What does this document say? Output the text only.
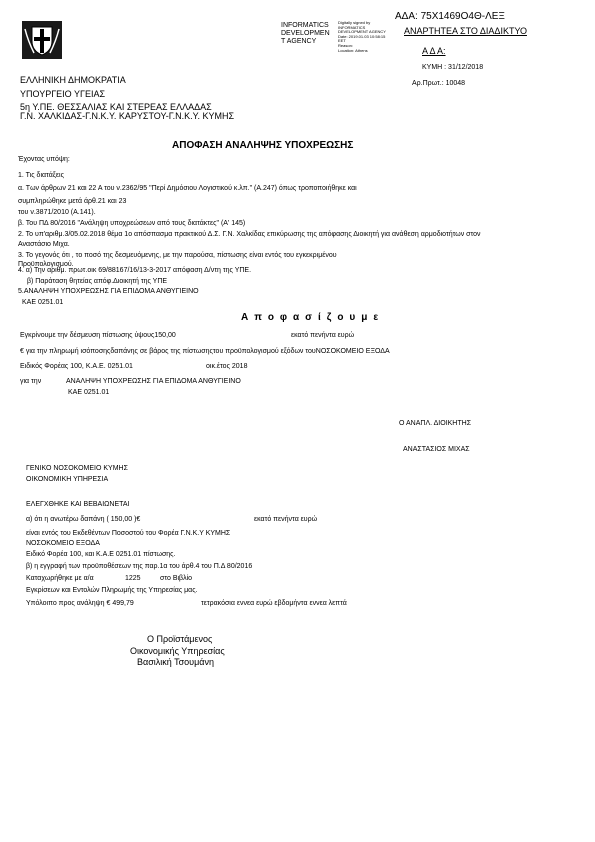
INFORMATICS
DEVELOPMEN
T AGENCY
Digitally signed by
INFORMATICS
DEVELOPMENT AGENCY
Date: 2019.01.03 10:58:15
EET
Reason:
Location: Athens
ΑΔΑ: 75Χ1469Ο4Θ-ΛΕΞ
ΑΝΑΡΤΗΤΕΑ ΣΤΟ ΔΙΑΔΙΚΤΥΟ
Α Δ Α:
ΚΥΜΗ : 31/12/2018
Αρ.Πρωτ.: 10048
ΕΛΛΗΝΙΚΗ ΔΗΜΟΚΡΑΤΙΑ
ΥΠΟΥΡΓΕΙΟ ΥΓΕΙΑΣ
5η Υ.ΠΕ. ΘΕΣΣΑΛΙΑΣ ΚΑΙ ΣΤΕΡΕΑΣ ΕΛΛΑΔΑΣ
Γ.Ν. ΧΑΛΚΙΔΑΣ-Γ.Ν.Κ.Υ. ΚΑΡΥΣΤΟΥ-Γ.Ν.Κ.Υ. ΚΥΜΗΣ
ΑΠΟΦΑΣΗ ΑΝΑΛΗΨΗΣ ΥΠΟΧΡΕΩΣΗΣ
Έχοντας υπόψη:
1. Τις διατάξεις
α. Των άρθρων 21 και 22 Α του ν.2362/95 "Περί Δημόσιου Λογιστικού κ.λπ." (Α.247) όπως τροποποιήθηκε και
συμπληρώθηκε μετά άρθ.21 και 23
του ν.3871/2010 (Α.141).
β. Του ΠΔ 80/2016 "Ανάληψη υποχρεώσεων από τους διατάκτες" (Α' 145)
2. Το υπ'αριθμ.3/05.02.2018 θέμα 1ο απόσπασμα πρακτικού Δ.Σ. Γ.Ν. Χαλκίδας επικύρωσης της απόφασης Διοικητή για ανάθεση αρμοδιοτήτων στον
Αναστάσιο Μιχα.
3. Το γεγονός ότι , το ποσό της δεσμευόμενης, με την παρούσα, πίστωσης είναι εντός του εγκεκριμένου
Προϋπολογισμού.
4. α) Την αριθμ. πρωτ.οικ 69/88167/16/13-3-2017 απόφαση Δ/ντη της ΥΠΕ.
β) Παράταση θητείας απόφ.Διοικητή της ΥΠΕ
5.ΑΝΑΛΗΨΗ ΥΠΟΧΡΕΩΣΗΣ ΓΙΑ ΕΠΙΔΟΜΑ ΑΝΘΥΓΙΕΙΝΟ
ΚΑΕ 0251.01
Α π ο φ α σ ί ζ ο υ μ ε
Εγκρίνουμε την δέσμευση πίστωσης ύψους150,00	εκατό πενήντα ευρώ
€ για την πληρωμή ισόποσηςδαπάνης σε βάρος της πίστωσηςτου προϋπολογισμού εξόδων τουΝΟΣΟΚΟΜΕΙΟ ΕΞΟΔΑ
Ειδικός Φορέας 100, Κ.Α.Ε. 0251.01	οικ.έτος 2018
για την	ΑΝΑΛΗΨΗ ΥΠΟΧΡΕΩΣΗΣ ΓΙΑ ΕΠΙΔΟΜΑ ΑΝΘΥΓΙΕΙΝΟ
ΚΑΕ 0251.01
Ο ΑΝΑΠΛ. ΔΙΟΙΚΗΤΗΣ
ΑΝΑΣΤΑΣΙΟΣ ΜΙΧΑΣ
ΓΕΝΙΚΟ ΝΟΣΟΚΟΜΕΙΟ ΚΥΜΗΣ
ΟΙΚΟΝΟΜΙΚΗ ΥΠΗΡΕΣΙΑ
ΕΛΕΓΧΘΗΚΕ ΚΑΙ ΒΕΒΑΙΩΝΕΤΑΙ
α) ότι η ανωτέρω δαπάνη ( 150,00 )€	εκατό πενήντα ευρώ
είναι εντός του Εκδεθέντων Ποσοστού του Φορέα Γ.Ν.Κ.Υ ΚΥΜΗΣ
ΝΟΣΟΚΟΜΕΙΟ ΕΞΟΔΑ
Ειδικό Φορέα 100, και Κ.Α.Ε 0251.01 πίστωσης.
β) η εγγραφή των προϋποθέσεων της παρ.1α του άρθ.4 του Π.Δ 80/2016
Καταχωρήθηκε με α/α	1225	στο Βιβλίο
Εγκρίσεων και Εντολών Πληρωμής της Υπηρεσίας μας.
Υπόλοιπο προς ανάληψη € 499,79	τετρακόσια εννεα ευρώ εβδομήντα εννεα λεπτά
Ο Προϊστάμενος
Οικονομικής Υπηρεσίας
Βασιλική Τσουμάνη
